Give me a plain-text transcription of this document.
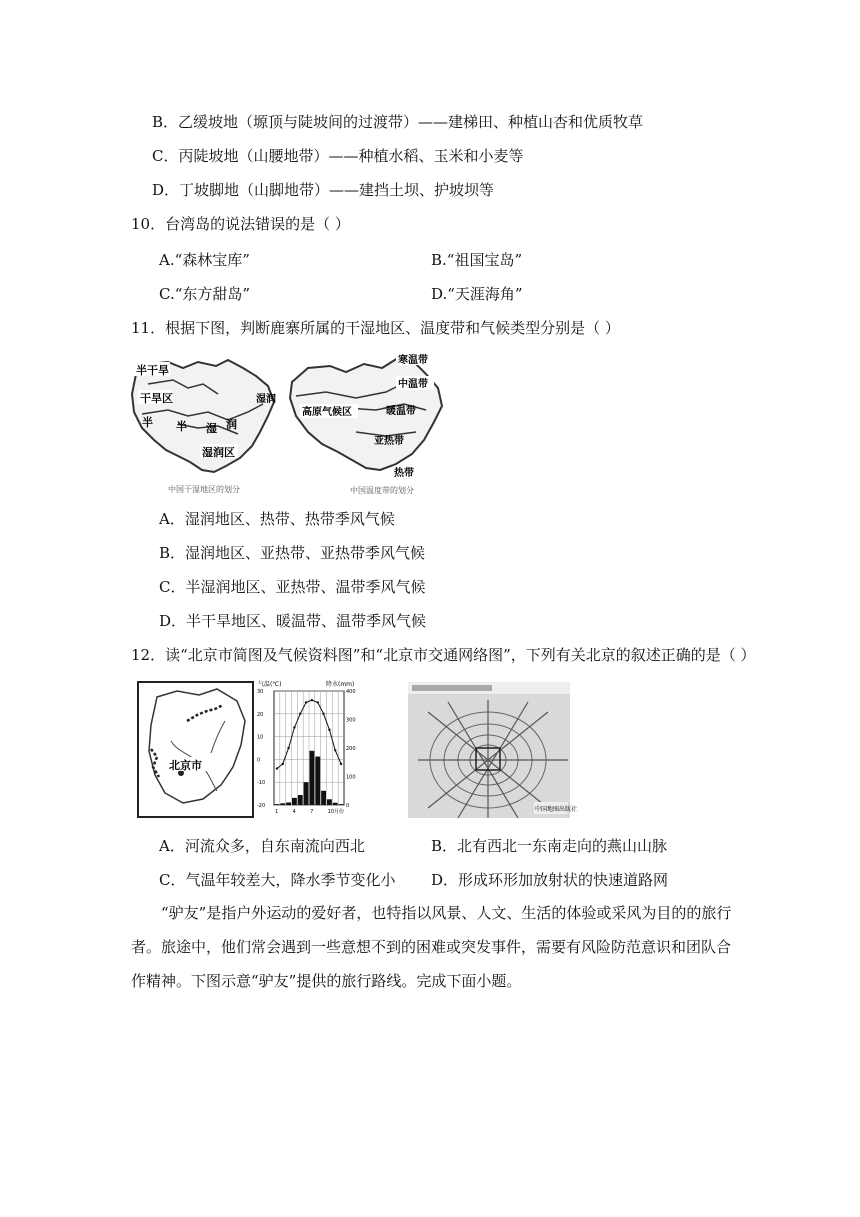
B．乙缓坡地（塬顶与陡坡间的过渡带）——建梯田、种植山杏和优质牧草
C．丙陡坡地（山腰地带）——种植水稻、玉米和小麦等
D．丁坡脚地（山脚地带）——建挡土坝、护坡坝等
10．台湾岛的说法错误的是（ ）
A.“森林宝库”	B.“祖国宝岛”
C.“东方甜岛”	D.“天涯海角”
11．根据下图，判断鹿寨所属的干湿地区、温度带和气候类型分别是（ ）
半干旱
干旱区
半 半 湿 润
湿润
湿润区
中国干湿地区的划分
寒温带
中温带
暖温带
高原气候区
亚热带
热带
中国温度带的划分
A．湿润地区、热带、热带季风气候
B．湿润地区、亚热带、亚热带季风气候
C．半湿润地区、亚热带、温带季风气候
D．半干旱地区、暖温带、温带季风气候
12．读“北京市简图及气候资料图”和“北京市交通网络图”，下列有关北京的叙述正确的是（ ）
北京市
气温(℃)	降水(mm)
30
20
10
0
-10
-20
400
300
200
100
0
1	4	7	10月份	中国地图出版社
A．河流众多，自东南流向西北	B．北有西北一东南走向的燕山山脉
C．气温年较差大，降水季节变化小 D．形成环形加放射状的快速道路网
“驴友”是指户外运动的爱好者，也特指以风景、人文、生活的体验或采风为目的的旅行者。旅途中，他们常会遇到一些意想不到的困难或突发事件，需要有风险防范意识和团队合作精神。下图示意“驴友”提供的旅行路线。完成下面小题。
